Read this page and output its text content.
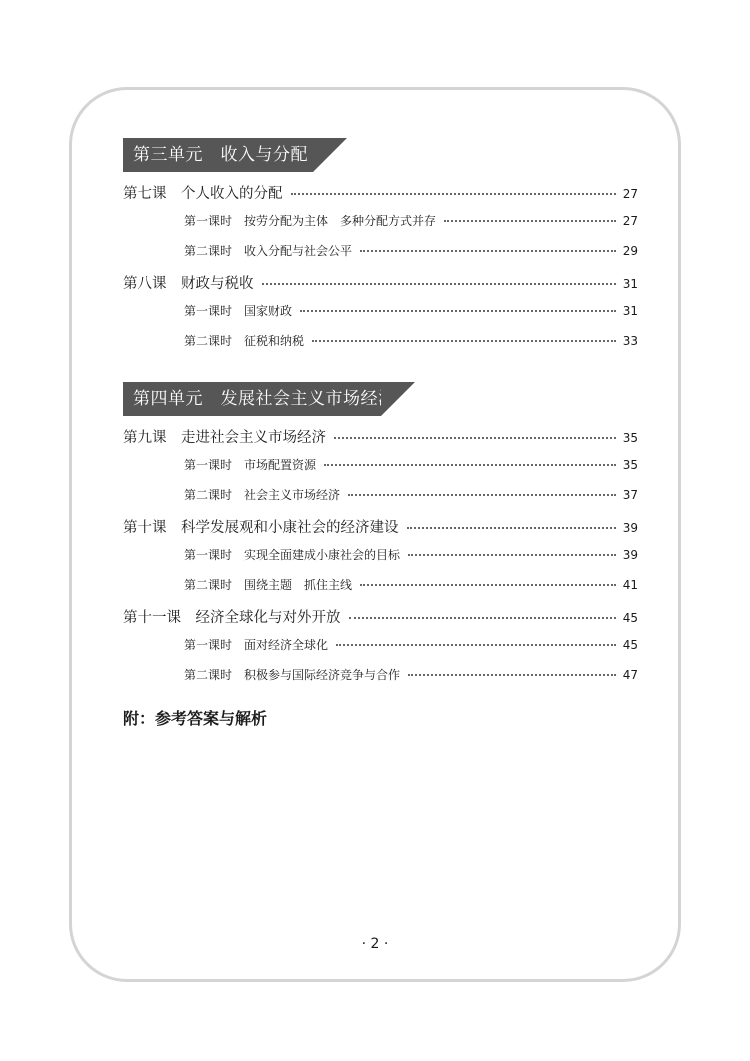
第三单元　收入与分配
第七课　个人收入的分配	27
第一课时　按劳分配为主体　多种分配方式并存	27
第二课时　收入分配与社会公平	29
第八课　财政与税收	31
第一课时　国家财政	31
第二课时　征税和纳税	33
第四单元　发展社会主义市场经济
第九课　走进社会主义市场经济	35
第一课时　市场配置资源	35
第二课时　社会主义市场经济	37
第十课　科学发展观和小康社会的经济建设	39
第一课时　实现全面建成小康社会的目标	39
第二课时　围绕主题　抓住主线	41
第十一课　经济全球化与对外开放	45
第一课时　面对经济全球化	45
第二课时　积极参与国际经济竞争与合作	47
附：参考答案与解析
· 2 ·
